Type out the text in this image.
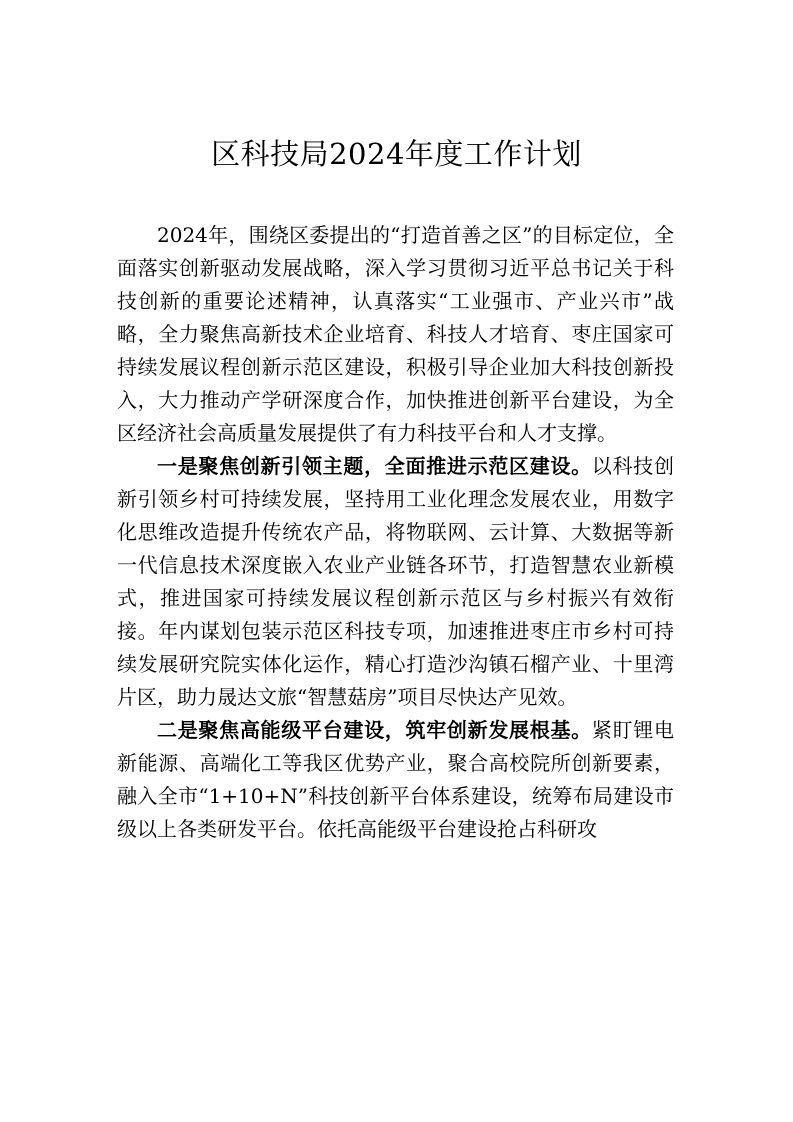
区科技局2024年度工作计划

2024年，围绕区委提出的“打造首善之区”的目标定位，全面落实创新驱动发展战略，深入学习贯彻习近平总书记关于科技创新的重要论述精神，认真落实“工业强市、产业兴市”战略，全力聚焦高新技术企业培育、科技人才培育、枣庄国家可持续发展议程创新示范区建设，积极引导企业加大科技创新投入，大力推动产学研深度合作，加快推进创新平台建设，为全区经济社会高质量发展提供了有力科技平台和人才支撑。

一是聚焦创新引领主题，全面推进示范区建设。以科技创新引领乡村可持续发展，坚持用工业化理念发展农业，用数字化思维改造提升传统农产品，将物联网、云计算、大数据等新一代信息技术深度嵌入农业产业链各环节，打造智慧农业新模式，推进国家可持续发展议程创新示范区与乡村振兴有效衔接。年内谋划包装示范区科技专项，加速推进枣庄市乡村可持续发展研究院实体化运作，精心打造沙沟镇石榴产业、十里湾片区，助力晟达文旅“智慧菇房”项目尽快达产见效。

二是聚焦高能级平台建设，筑牢创新发展根基。紧盯锂电新能源、高端化工等我区优势产业，聚合高校院所创新要素，融入全市“1+10+N”科技创新平台体系建设，统筹布局建设市级以上各类研发平台。依托高能级平台建设抢占科研攻
